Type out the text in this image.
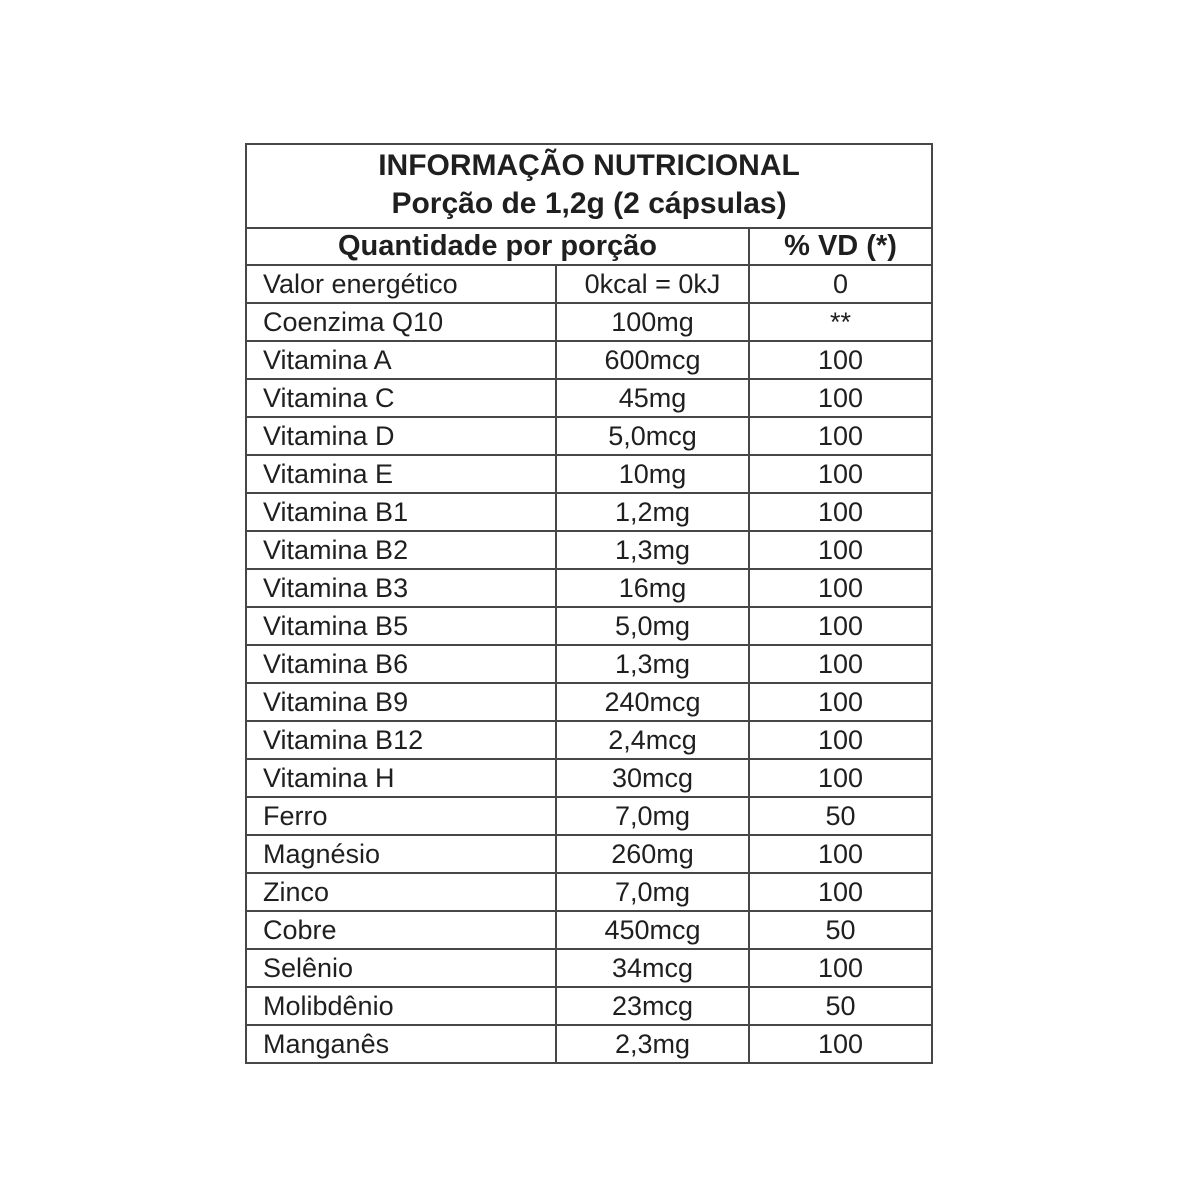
INFORMAÇÃO NUTRICIONAL
Porção de 1,2g (2 cápsulas)		

Quantidade por porção		% VD (*)
Valor energético	0kcal = 0kJ	0
Coenzima Q10	100mg	**
Vitamina A	600mcg	100
Vitamina C	45mg	100
Vitamina D	5,0mcg	100
Vitamina E	10mg	100
Vitamina B1	1,2mg	100
Vitamina B2	1,3mg	100
Vitamina B3	16mg	100
Vitamina B5	5,0mg	100
Vitamina B6	1,3mg	100
Vitamina B9	240mcg	100
Vitamina B12	2,4mcg	100
Vitamina H	30mcg	100
Ferro	7,0mg	50
Magnésio	260mg	100
Zinco	7,0mg	100
Cobre	450mcg	50
Selênio	34mcg	100
Molibdênio	23mcg	50
Manganês	2,3mg	100
